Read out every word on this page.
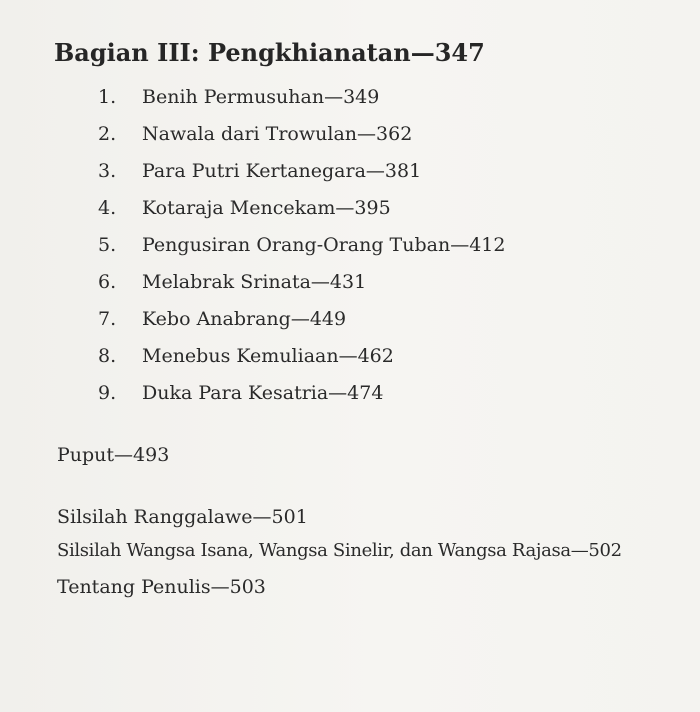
Bagian III: Pengkhianatan—347
1. Benih Permusuhan—349
2. Nawala dari Trowulan—362
3. Para Putri Kertanegara—381
4. Kotaraja Mencekam—395
5. Pengusiran Orang-Orang Tuban—412
6. Melabrak Srinata—431
7. Kebo Anabrang—449
8. Menebus Kemuliaan—462
9. Duka Para Kesatria—474
Puput—493
Silsilah Ranggalawe—501
Silsilah Wangsa Isana, Wangsa Sinelir, dan Wangsa Rajasa—502
Tentang Penulis—503
